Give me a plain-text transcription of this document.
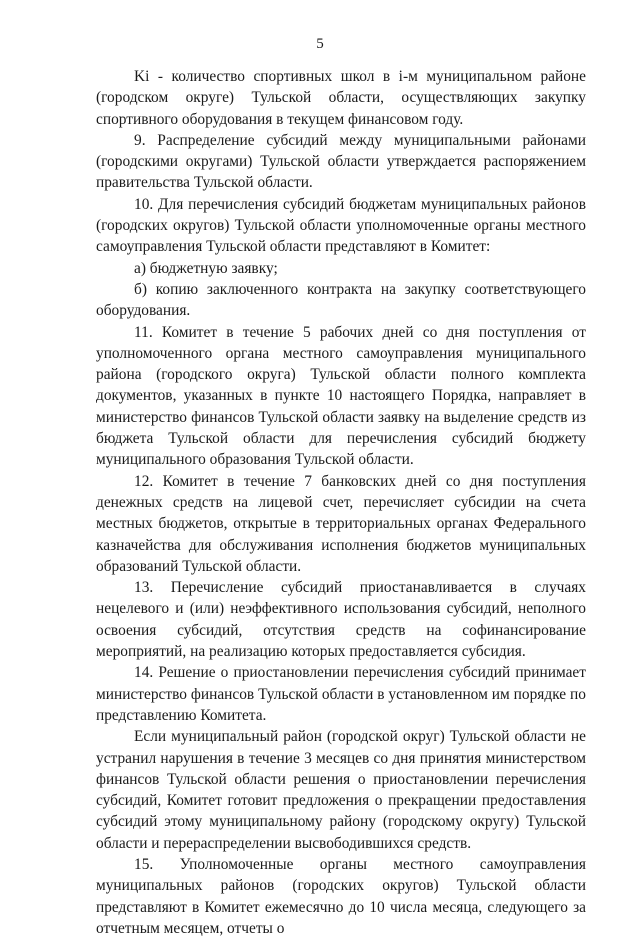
5

Ki - количество спортивных школ в i-м муниципальном районе (городском округе) Тульской области, осуществляющих закупку спортивного оборудования в текущем финансовом году.

9. Распределение субсидий между муниципальными районами (городскими округами) Тульской области утверждается распоряжением правительства Тульской области.

10. Для перечисления субсидий бюджетам муниципальных районов (городских округов) Тульской области уполномоченные органы местного самоуправления Тульской области представляют в Комитет:

а) бюджетную заявку;

б) копию заключенного контракта на закупку соответствующего оборудования.

11. Комитет в течение 5 рабочих дней со дня поступления от уполномоченного органа местного самоуправления муниципального района (городского округа) Тульской области полного комплекта документов, указанных в пункте 10 настоящего Порядка, направляет в министерство финансов Тульской области заявку на выделение средств из бюджета Тульской области для перечисления субсидий бюджету муниципального образования Тульской области.

12. Комитет в течение 7 банковских дней со дня поступления денежных средств на лицевой счет, перечисляет субсидии на счета местных бюджетов, открытые в территориальных органах Федерального казначейства для обслуживания исполнения бюджетов муниципальных образований Тульской области.

13. Перечисление субсидий приостанавливается в случаях нецелевого и (или) неэффективного использования субсидий, неполного освоения субсидий, отсутствия средств на софинансирование мероприятий, на реализацию которых предоставляется субсидия.

14. Решение о приостановлении перечисления субсидий принимает министерство финансов Тульской области в установленном им порядке по представлению Комитета.

Если муниципальный район (городской округ) Тульской области не устранил нарушения в течение 3 месяцев со дня принятия министерством финансов Тульской области решения о приостановлении перечисления субсидий, Комитет готовит предложения о прекращении предоставления субсидий этому муниципальному району (городскому округу) Тульской области и перераспределении высвободившихся средств.

15. Уполномоченные органы местного самоуправления муниципальных районов (городских округов) Тульской области представляют в Комитет ежемесячно до 10 числа месяца, следующего за отчетным месяцем, отчеты о
